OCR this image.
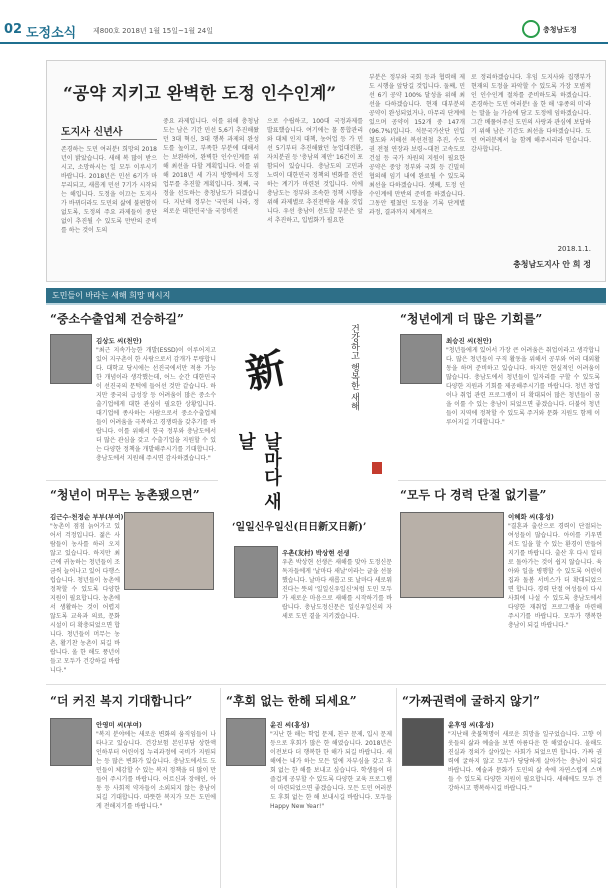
02 도정소식 제800호 2018년 1월 15일~1월 24일	충청남도정
“공약 지키고 완벽한 도정 인수인계”
도지사 신년사
존경하는 도민 여러분! 희망의 2018년이 밝았습니다. 새해 복 많이 받으시고, 소망하시는 일 모두 이루시기 바랍니다. 2018년은 민선 6기가 마무리되고, 새롭게 민선 7기가 시작되는 해입니다. 도정을 이끄는 도지사가 바뀌더라도 도민의 삶에 불편함이 없도록, 도정의 주요 과제들이 중단 없이 추진될 수 있도록 만반의 준비를 하는 것이 도의
중요 과제입니다. 이를 위해 충청남도는 남은 기간 민선 5,6기 추진해왔던 3대 혁신, 3대 행복 과제의 완성도를 높이고, 부족한 부분에 대해서는 보완하여, 완벽한 인수인계를 위해 최선을 다할 계획입니다. 이를 위해 2018년 세 가지 방향에서 도정 업무를 추진할 계획입니다. 첫째, 국정을 선도하는 충청남도가 되겠습니다. 지난해 정부는 '국민의 나라, 정의로운 대한민국'을 국정비전
으로 수립하고, 100대 국정과제를 발표했습니다. 여기에는 물 통합관리와 대체 인지 대책, 농어업 등 가 민선 5기부터 추진해왔던 농업대전환, 자치분권 등 '충남의 제안' 16건이 포함되어 있습니다. 충남도의 고민과 노력이 대한민국 정책의 변화를 견인하는 계기가 마련된 것입니다. 이에 충남도는 정부와 조속한 정책 시행을 위해 과제별로 추진전략을 세울 것입니다. 우선 충남이 선도할 부분은 앞서 추진하고, 입법화가 필요한
부분은 정부와 국회 등과 협력해 제도 시행을 앞당길 것입니다. 둘째, 민선 6기 공약 100% 달성을 위해 최선을 다하겠습니다. 현재 대부분의 공약이 완성되었거나, 마무리 단계에 있으며 공약이 152개 중 147개(96.7%)입니다. 석문국가산단 인입철도와 서해선 복선전철 추진, 수도권 전철 연장과 보령~대천 고속도로 건설 등 국가 차원의 지원이 필요한 공약은 중앙 정부와 국회 등 긴밀히 협의해 임기 내에 완료될 수 있도록 최선을 다하겠습니다. 셋째, 도정 인수인계에 만반의 준비를 하겠습니다. 그동안 펼쳤던 도정을 기록 단계별 과정, 결과까지 체계적으
로 정리하겠습니다. 후임 도지사와 집행부가 현재의 도정을 파악할 수 있도록 가장 모범적인 인수인계 절차를 준비하도록 하겠습니다. 존경하는 도민 여러분! 올 한 해 '유종의 미'라는 말을 늘 가슴에 담고 도정에 임하겠습니다. 그간 베풀어주신 도민의 사랑과 관심에 보답하기 위해 남은 기간도 최선을 다하겠습니다. 도민 여러분께서 늘 함께 해주시리라 믿습니다. 감사합니다.
2018.1.1.
충청남도지사 안 희 정
도민들이 바라는 새해 희망 메시지
“중소수출업체 건승하길”
김상도 씨(천안)
"최근 지속가능한 개발(ESSD)이 이루어지고 있어 지구촌이 한 사람으로서 감개가 무량합니다. 대학교 당시에는 선진국에서만 적용 가능한 개념이라 생각했는데, 어느 순간 대한민국이 선진국의 문턱에 들어선 것만 같습니다. 하지만 중국의 급성장 등 어려움이 많은 중소수출기업에게 대한 관심이 필요한 상황입니다. 대기업에 종사하는 사람으로서 중소수출업체들이 어려움을 극복하고 경쟁력을 갖추기를 바랍니다. 이를 위해서 한국 정부와 충남도에서 더 많은 관심을 갖고 수출기업을 지원할 수 있는 다양한 정책을 개발해주시기를 기대합니다. 충남도에서 지원해 주시면 감사하겠습니다."
“청년에게 더 많은 기회를”
최승진 씨(천안)
"청년들에게 있어서 가장 큰 어려움은 취업이라고 생각합니다. 많은 청년들이 구직 활동을 위해서 공부와 여러 대외활동을 하며 준비하고 있습니다. 하지만 현실적인 어려움이 많습니다. 충남도에서 청년들이 일자리를 구할 수 있도록 다양한 지원과 기회를 제공해주시기를 바랍니다. 청년 창업이나 취업 관련 프로그램이 더 확대되어 많은 청년들이 꿈을 이룰 수 있는 충남이 되었으면 좋겠습니다. 더불어 청년들이 지역에 정착할 수 있도록 주거와 문화 지원도 함께 이루어지길 기대합니다."
新
날마다 새날
건강하고 행복한 새해
‘일일신우일신(日日新又日新)’
우촌(友村) 박상현 선생
우촌 박상현 선생은 새해를 맞아 도정신문 독자들에게 '날마다 새날'이라는 글을 선물했습니다. 날마다 새롭고 또 날마다 새로워진다는 뜻의 '일일신우일신'처럼 도민 모두가 새로운 마음으로 새해를 시작하기를 바랍니다. 충남도정신문은 일신우일신의 자세로 도민 곁을 지키겠습니다.
“청년이 머무는 농촌됐으면”
김근수·천정순 부부(부여)
"농촌이 점점 늙어가고 있어서 걱정입니다. 젊은 사람들이 농사를 하러 오지 않고 있습니다. 하지만 최근에 귀농하는 청년들이 조금씩 늘어나고 있어 다행스럽습니다. 청년들이 농촌에 정착할 수 있도록 다양한 지원이 필요합니다. 농촌에서 생활하는 것이 어렵지 않도록 교육과 의료, 문화 시설이 더 확충되었으면 합니다. 청년들이 머무는 농촌, 활기찬 농촌이 되길 바랍니다. 올 한 해도 풍년이 들고 모두가 건강하길 바랍니다."
“모두 다 경력 단절 없기를”
이혜화 씨(홍성)
"결혼과 출산으로 경력이 단절되는 여성들이 많습니다. 아이를 키우면서도 일을 할 수 있는 환경이 만들어지기를 바랍니다. 출산 후 다시 일터로 돌아가는 것이 쉽지 않습니다. 육아와 일을 병행할 수 있도록 어린이집과 돌봄 서비스가 더 확대되었으면 합니다. 경력 단절 여성들이 다시 사회에 나설 수 있도록 충남도에서 다양한 재취업 프로그램을 마련해 주시기를 바랍니다. 모두가 행복한 충남이 되길 바랍니다."
“더 커진 복지 기대합니다”
안영미 씨(부여)
"복지 분야에는 새로운 변화의 움직임들이 나타나고 있습니다. 건강보험 본인부담 상한액 인하부터 어린이집 누리과정에 국비가 지원되는 등 많은 변화가 있습니다. 충남도에서도 도민들이 체감할 수 있는 복지 정책을 더 많이 만들어 주시기를 바랍니다. 어르신과 장애인, 아동 등 사회적 약자들이 소외되지 않는 충남이 되길 기대합니다. 따뜻한 복지가 모든 도민에게 전해지기를 바랍니다."
“후회 없는 한해 되세요”
윤진 씨(홍성)
"지난 한 해는 학업 문제, 친구 문제, 입시 문제 등으로 후회가 많은 한 해였습니다. 2018년은 이전보다 더 행복한 한 해가 되길 바랍니다. 새해에는 내가 하는 모든 일에 자부심을 갖고 후회 없는 한 해를 보내고 싶습니다. 학생들이 더 즐겁게 공부할 수 있도록 다양한 교육 프로그램이 마련되었으면 좋겠습니다. 모든 도민 여러분도 후회 없는 한 해 보내시길 바랍니다. 모두들 Happy New Year!"
“가짜권력에 굴하지 않기”
윤후영 씨(홍성)
"지난해 촛불혁명이 새로운 희망을 일구었습니다. 고향 이웃들의 삶과 예술을 보면 아름다운 한 해였습니다. 올해도 진실과 정의가 살아있는 사회가 되었으면 합니다. 가짜 권력에 굴하지 않고 모두가 당당하게 살아가는 충남이 되길 바랍니다. 예술과 문화가 도민의 삶 속에 자연스럽게 스며들 수 있도록 다양한 지원이 필요합니다. 새해에도 모두 건강하시고 행복하시길 바랍니다."
